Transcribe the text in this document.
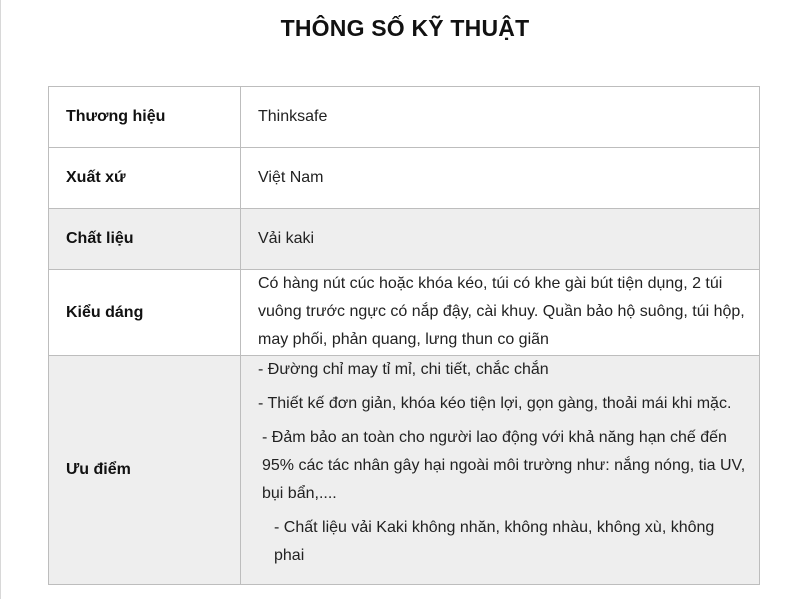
THÔNG SỐ KỸ THUẬT
Thương hiệu	Thinksafe
Xuất xứ	Việt Nam
Chất liệu	Vải kaki
Kiểu dáng	Có hàng nút cúc hoặc khóa kéo, túi có khe gài bút tiện dụng, 2 túi vuông trước ngực có nắp đậy, cài khuy. Quần bảo hộ suông, túi hộp, may phối, phản quang, lưng thun co giãn
Ưu điểm	- Đường chỉ may tỉ mỉ, chi tiết, chắc chắn

- Thiết kế đơn giản, khóa kéo tiện lợi, gọn gàng, thoải mái khi mặc.

- Đảm bảo an toàn cho người lao động với khả năng hạn chế đến 95% các tác nhân gây hại ngoài môi trường như: nắng nóng, tia UV, bụi bẩn,....

- Chất liệu vải Kaki không nhăn, không nhàu, không xù, không phai
